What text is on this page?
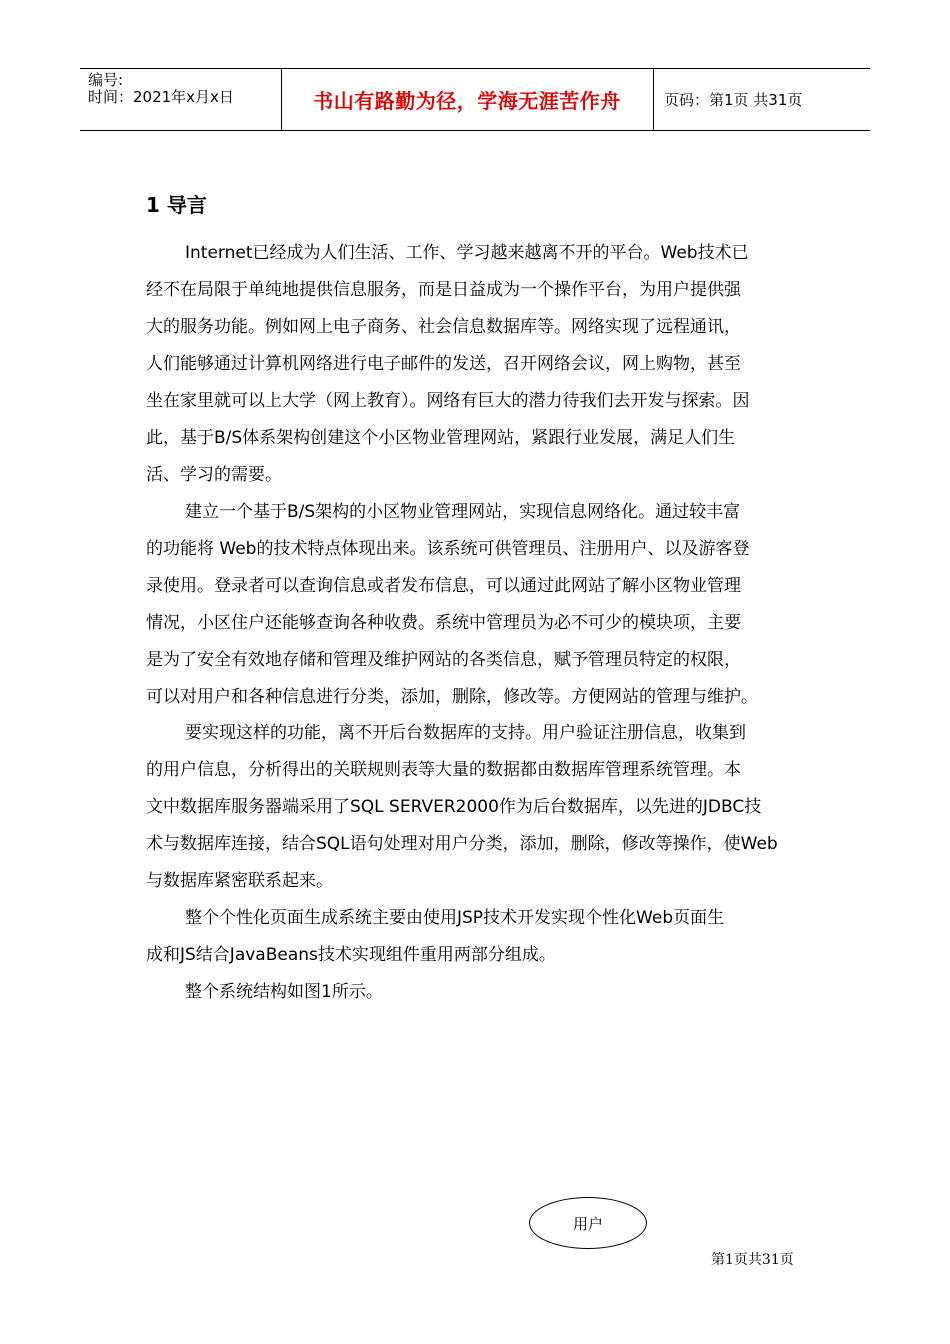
编号:
时间：2021年x月x日	书山有路勤为径，学海无涯苦作舟	页码：第1页 共31页
1 导言
Internet已经成为人们生活、工作、学习越来越离不开的平台。Web技术已
经不在局限于单纯地提供信息服务，而是日益成为一个操作平台，为用户提供强
大的服务功能。例如网上电子商务、社会信息数据库等。网络实现了远程通讯，
人们能够通过计算机网络进行电子邮件的发送，召开网络会议，网上购物，甚至
坐在家里就可以上大学（网上教育）。网络有巨大的潜力待我们去开发与探索。因
此，基于B/S体系架构创建这个小区物业管理网站，紧跟行业发展，满足人们生
活、学习的需要。
建立一个基于B/S架构的小区物业管理网站，实现信息网络化。通过较丰富
的功能将 Web的技术特点体现出来。该系统可供管理员、注册用户、以及游客登
录使用。登录者可以查询信息或者发布信息，可以通过此网站了解小区物业管理
情况，小区住户还能够查询各种收费。系统中管理员为必不可少的模块项，主要
是为了安全有效地存储和管理及维护网站的各类信息，赋予管理员特定的权限，
可以对用户和各种信息进行分类，添加，删除，修改等。方便网站的管理与维护。
要实现这样的功能，离不开后台数据库的支持。用户验证注册信息，收集到
的用户信息，分析得出的关联规则表等大量的数据都由数据库管理系统管理。本
文中数据库服务器端采用了SQL SERVER2000作为后台数据库，以先进的JDBC技
术与数据库连接，结合SQL语句处理对用户分类，添加，删除，修改等操作，使Web
与数据库紧密联系起来。
整个个性化页面生成系统主要由使用JSP技术开发实现个性化Web页面生
成和JS结合JavaBeans技术实现组件重用两部分组成。
整个系统结构如图1所示。
用户
第1页共31页
